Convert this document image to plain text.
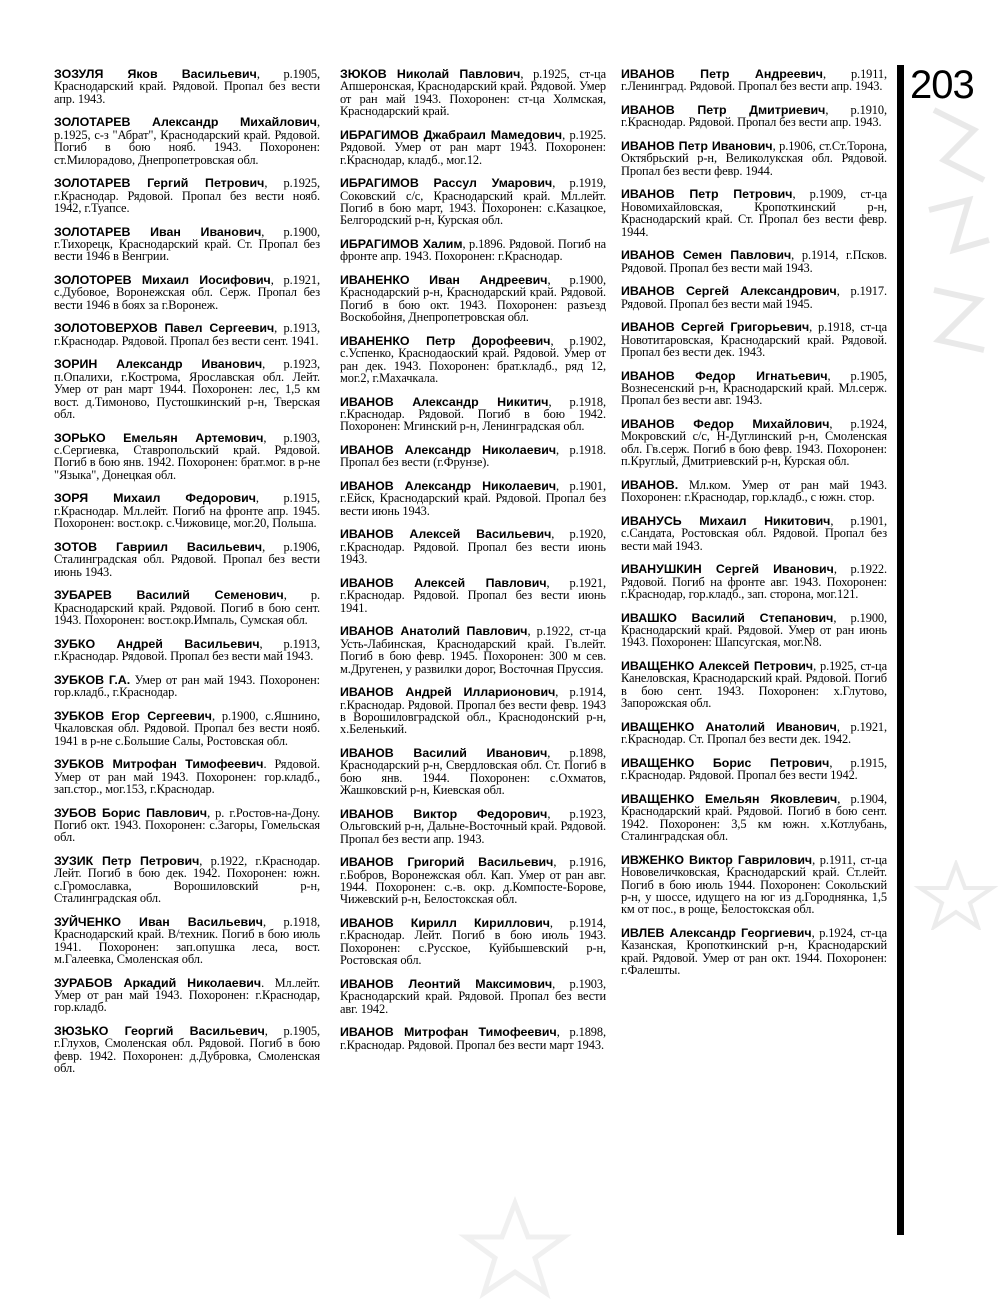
203

ЗОЗУЛЯ Яков Васильевич, р.1905, Краснодарский край. Рядовой. Пропал без вести апр. 1943.

ЗОЛОТАРЕВ Александр Михайлович, р.1925, с-з "Абрат", Краснодарский край. Рядовой. Погиб в бою нояб. 1943. Похоронен: ст.Милорадово, Днепропетровская обл.

ЗОЛОТАРЕВ Гергий Петрович, р.1925, г.Краснодар. Рядовой. Пропал без вести нояб. 1942, г.Туапсе.

ЗОЛОТАРЕВ Иван Иванович, р.1900, г.Тихорецк, Краснодарский край. Ст. Пропал без вести 1946 в Венгрии.

ЗОЛОТОРЕВ Михаил Иосифович, р.1921, с.Дубовое, Воронежская обл. Серж. Пропал без вести 1946 в боях за г.Воронеж.

ЗОЛОТОВЕРХОВ Павел Сергеевич, р.1913, г.Краснодар. Рядовой. Пропал без вести сент. 1941.

ЗОРИН Александр Иванович, р.1923, п.Опалихи, г.Кострома, Ярославская обл. Лейт. Умер от ран март 1944. Похоронен: лес, 1,5 км вост. д.Тимоново, Пустошкинский р-н, Тверская обл.

ЗОРЬКО Емельян Артемович, р.1903, с.Сергиевка, Ставропольский край. Рядовой. Погиб в бою янв. 1942. Похоронен: брат.мог. в р-не "Языка", Донецкая обл.

ЗОРЯ Михаил Федорович, р.1915, г.Краснодар. Мл.лейт. Погиб на фронте апр. 1945. Похоронен: вост.окр. с.Чижовице, мог.20, Польша.

ЗОТОВ Гавриил Васильевич, р.1906, Сталинградская обл. Рядовой. Пропал без вести июнь 1943.

ЗУБАРЕВ Василий Семенович, р. Краснодарский край. Рядовой. Погиб в бою сент. 1943. Похоронен: вост.окр.Импаль, Сумская обл.

ЗУБКО Андрей Васильевич, р.1913, г.Краснодар. Рядовой. Пропал без вести май 1943.

ЗУБКОВ Г.А. Умер от ран май 1943. Похоронен: гор.кладб., г.Краснодар.

ЗУБКОВ Егор Сергеевич, р.1900, с.Яшнино, Чкаловская обл. Рядовой. Пропал без вести нояб. 1941 в р-не с.Большие Салы, Ростовская обл.

ЗУБКОВ Митрофан Тимофеевич. Рядовой. Умер от ран май 1943. Похоронен: гор.кладб., зап.стор., мог.153, г.Краснодар.

ЗУБОВ Борис Павлович, р. г.Ростов-на-Дону. Погиб окт. 1943. Похоронен: с.Загоры, Гомельская обл.

ЗУЗИК Петр Петрович, р.1922, г.Краснодар. Лейт. Погиб в бою дек. 1942. Похоронен: южн. с.Громославка, Ворошиловский р-н, Сталинградская обл.

ЗУЙЧЕНКО Иван Васильевич, р.1918, Краснодарский край. В/техник. Погиб в бою июль 1941. Похоронен: зап.опушка леса, вост. м.Галеевка, Смоленская обл.

ЗУРАБОВ Аркадий Николаевич. Мл.лейт. Умер от ран май 1943. Похоронен: г.Краснодар, гор.кладб.

ЗЮЗЬКО Георгий Васильевич, р.1905, г.Глухов, Смоленская обл. Рядовой. Погиб в бою февр. 1942. Похоронен: д.Дубровка, Смоленская обл.

ЗЮКОВ Николай Павлович, р.1925, ст-ца Апшеронская, Краснодарский край. Рядовой. Умер от ран май 1943. Похоронен: ст-ца Холмская, Краснодарский край.

ИБРАГИМОВ Джабраил Мамедович, р.1925. Рядовой. Умер от ран март 1943. Похоронен: г.Краснодар, кладб., мог.12.

ИБРАГИМОВ Рассул Умарович, р.1919, Соковский с/с, Краснодарский край. Мл.лейт. Погиб в бою март, 1943. Похоронен: с.Казацкое, Белгородский р-н, Курская обл.

ИБРАГИМОВ Халим, р.1896. Рядовой. Погиб на фронте апр. 1943. Похоронен: г.Краснодар.

ИВАНЕНКО Иван Андреевич, р.1900, Краснодарский р-н, Краснодарский край. Рядовой. Погиб в бою окт. 1943. Похоронен: разъезд Воскобойня, Днепропетровская обл.

ИВАНЕНКО Петр Дорофеевич, р.1902, с.Успенко, Краснодаоский край. Рядовой. Умер от ран дек. 1943. Похоронен: брат.кладб., ряд 12, мог.2, г.Махачкала.

ИВАНОВ Александр Никитич, р.1918, г.Краснодар. Рядовой. Погиб в бою 1942. Похоронен: Мгинский р-н, Ленинградская обл.

ИВАНОВ Александр Николаевич, р.1918. Пропал без вести (г.Фрунзе).

ИВАНОВ Александр Николаевич, р.1901, г.Ейск, Краснодарский край. Рядовой. Пропал без вести июнь 1943.

ИВАНОВ Алексей Васильевич, р.1920, г.Краснодар. Рядовой. Пропал без вести июнь 1943.

ИВАНОВ Алексей Павлович, р.1921, г.Краснодар. Рядовой. Пропал без вести июнь 1941.

ИВАНОВ Анатолий Павлович, р.1922, ст-ца Усть-Лабинская, Краснодарский край. Гв.лейт. Погиб в бою февр. 1945. Похоронен: 300 м сев. м.Другенен, у развилки дорог, Восточная Пруссия.

ИВАНОВ Андрей Илларионович, р.1914, г.Краснодар. Рядовой. Пропал без вести февр. 1943 в Ворошиловградской обл., Краснодонский р-н, х.Беленький.

ИВАНОВ Василий Иванович, р.1898, Краснодарский р-н, Свердловская обл. Ст. Погиб в бою янв. 1944. Похоронен: с.Охматов, Жашковский р-н, Киевская обл.

ИВАНОВ Виктор Федорович, р.1923, Ольговский р-н, Дальне-Восточный край. Рядовой. Пропал без вести апр. 1943.

ИВАНОВ Григорий Васильевич, р.1916, г.Бобров, Воронежская обл. Кап. Умер от ран авг. 1944. Похоронен: с.-в. окр. д.Компосте-Борове, Чижевский р-н, Белостокская обл.

ИВАНОВ Кирилл Кириллович, р.1914, г.Краснодар. Лейт. Погиб в бою июль 1943. Похоронен: с.Русское, Куйбышевский р-н, Ростовская обл.

ИВАНОВ Леонтий Максимович, р.1903, Краснодарский край. Рядовой. Пропал без вести авг. 1942.

ИВАНОВ Митрофан Тимофеевич, р.1898, г.Краснодар. Рядовой. Пропал без вести март 1943.

ИВАНОВ Петр Андреевич, р.1911, г.Ленинград. Рядовой. Пропал без вести апр. 1943.

ИВАНОВ Петр Дмитриевич, р.1910, г.Краснодар. Рядовой. Пропал без вести апр. 1943.

ИВАНОВ Петр Иванович, р.1906, ст.Ст.Торона, Октябрьский р-н, Великолукская обл. Рядовой. Пропал без вести февр. 1944.

ИВАНОВ Петр Петрович, р.1909, ст-ца Новомихайловская, Кропоткинский р-н, Краснодарский край. Ст. Пропал без вести февр. 1944.

ИВАНОВ Семен Павлович, р.1914, г.Псков. Рядовой. Пропал без вести май 1943.

ИВАНОВ Сергей Александрович, р.1917. Рядовой. Пропал без вести май 1945.

ИВАНОВ Сергей Григорьевич, р.1918, ст-ца Новотитаровская, Краснодарский край. Рядовой. Пропал без вести дек. 1943.

ИВАНОВ Федор Игнатьевич, р.1905, Вознесенский р-н, Краснодарский край. Мл.серж. Пропал без вести авг. 1943.

ИВАНОВ Федор Михайлович, р.1924, Мокровский с/с, Н-Дуглинский р-н, Смоленская обл. Гв.серж. Погиб в бою февр. 1943. Похоронен: п.Круглый, Дмитриевский р-н, Курская обл.

ИВАНОВ. Мл.ком. Умер от ран май 1943. Похоронен: г.Краснодар, гор.кладб., с южн. стор.

ИВАНУСЬ Михаил Никитович, р.1901, с.Сандата, Ростовская обл. Рядовой. Пропал без вести май 1943.

ИВАНУШКИН Сергей Иванович, р.1922. Рядовой. Погиб на фронте авг. 1943. Похоронен: г.Краснодар, гор.кладб., зап. сторона, мог.121.

ИВАШКО Василий Степанович, р.1900, Краснодарский край. Рядовой. Умер от ран июнь 1943. Похоронен: Шапсугская, мог.N8.

ИВАЩЕНКО Алексей Петрович, р.1925, ст-ца Канеловская, Краснодарский край. Рядовой. Погиб в бою сент. 1943. Похоронен: х.Глутово, Запорожская обл.

ИВАЩЕНКО Анатолий Иванович, р.1921, г.Краснодар. Ст. Пропал без вести дек. 1942.

ИВАЩЕНКО Борис Петрович, р.1915, г.Краснодар. Рядовой. Пропал без вести 1942.

ИВАЩЕНКО Емельян Яковлевич, р.1904, Краснодарский край. Рядовой. Погиб в бою сент. 1942. Похоронен: 3,5 км южн. х.Котлубань, Сталинградская обл.

ИВЖЕНКО Виктор Гаврилович, р.1911, ст-ца Нововеличковская, Краснодарский край. Ст.лейт. Погиб в бою июль 1944. Похоронен: Сокольский р-н, у шоссе, идущего на юг из д.Городнянка, 1,5 км от пос., в роще, Белостокская обл.

ИВЛЕВ Александр Георгиевич, р.1924, ст-ца Казанская, Кропоткинский р-н, Краснодарский край. Рядовой. Умер от ран окт. 1944. Похоронен: г.Фалешты.
